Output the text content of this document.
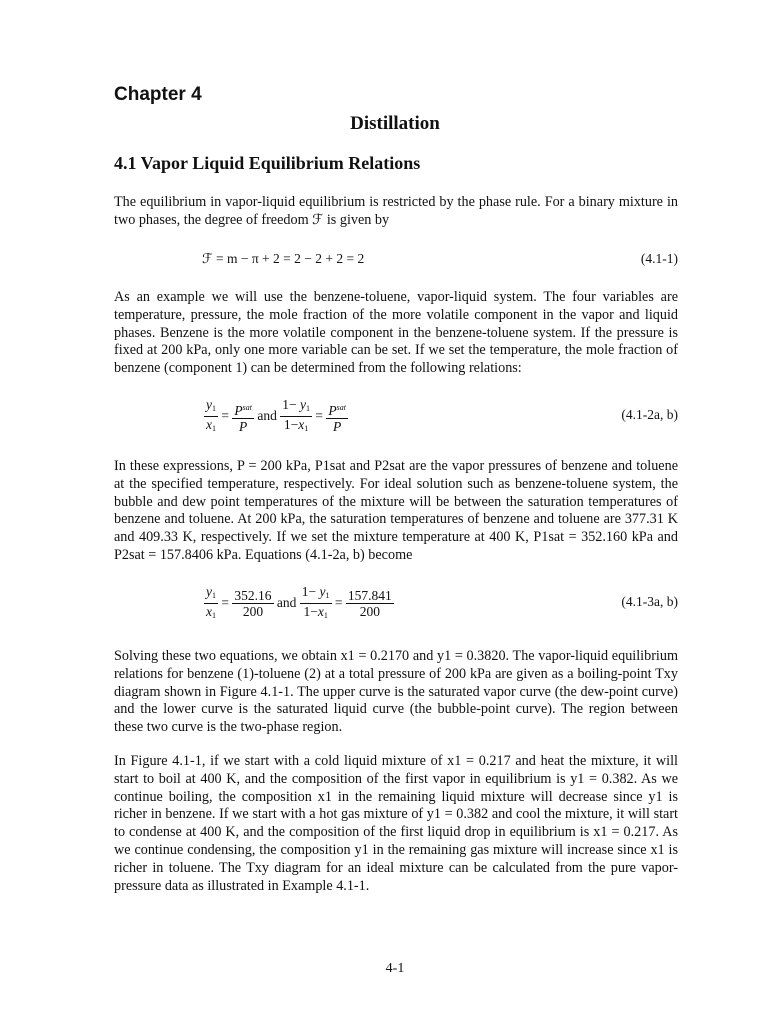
Chapter 4
Distillation
4.1 Vapor Liquid Equilibrium Relations

The equilibrium in vapor-liquid equilibrium is restricted by the phase rule. For a binary mixture in two phases, the degree of freedom ℱ is given by

ℱ = m − π + 2 = 2 − 2 + 2 = 2	(4.1-1)

As an example we will use the benzene-toluene, vapor-liquid system. The four variables are temperature, pressure, the mole fraction of the more volatile component in the vapor and liquid phases. Benzene is the more volatile component in the benzene-toluene system. If the pressure is fixed at 200 kPa, only one more variable can be set. If we set the temperature, the mole fraction of benzene (component 1) can be determined from the following relations:

$\frac{y_1}{x_1} = \frac{P^{sat}}{P}$ and $\frac{1- y_1}{1-x_1} = \frac{P^{sat}}{P}$	(4.1-2a, b)

In these expressions, P = 200 kPa, P1sat and P2sat are the vapor pressures of benzene and toluene at the specified temperature, respectively. For ideal solution such as benzene-toluene system, the bubble and dew point temperatures of the mixture will be between the saturation temperatures of benzene and toluene. At 200 kPa, the saturation temperatures of benzene and toluene are 377.31 K and 409.33 K, respectively. If we set the mixture temperature at 400 K, P1sat = 352.160 kPa and P2sat = 157.8406 kPa. Equations (4.1-2a, b) become

$\frac{y_1}{x_1} = \frac{352.16}{200}$ and $\frac{1- y_1}{1-x_1} = \frac{157.841}{200}$	(4.1-3a, b)

Solving these two equations, we obtain x1 = 0.2170 and y1 = 0.3820. The vapor-liquid equilibrium relations for benzene (1)-toluene (2) at a total pressure of 200 kPa are given as a boiling-point Txy diagram shown in Figure 4.1-1. The upper curve is the saturated vapor curve (the dew-point curve) and the lower curve is the saturated liquid curve (the bubble-point curve). The region between these two curve is the two-phase region.

In Figure 4.1-1, if we start with a cold liquid mixture of x1 = 0.217 and heat the mixture, it will start to boil at 400 K, and the composition of the first vapor in equilibrium is y1 = 0.382. As we continue boiling, the composition x1 in the remaining liquid mixture will decrease since y1 is richer in benzene. If we start with a hot gas mixture of y1 = 0.382 and cool the mixture, it will start to condense at 400 K, and the composition of the first liquid drop in equilibrium is x1 = 0.217. As we continue condensing, the composition y1 in the remaining gas mixture will increase since x1 is richer in toluene. The Txy diagram for an ideal mixture can be calculated from the pure vapor-pressure data as illustrated in Example 4.1-1.

4-1
